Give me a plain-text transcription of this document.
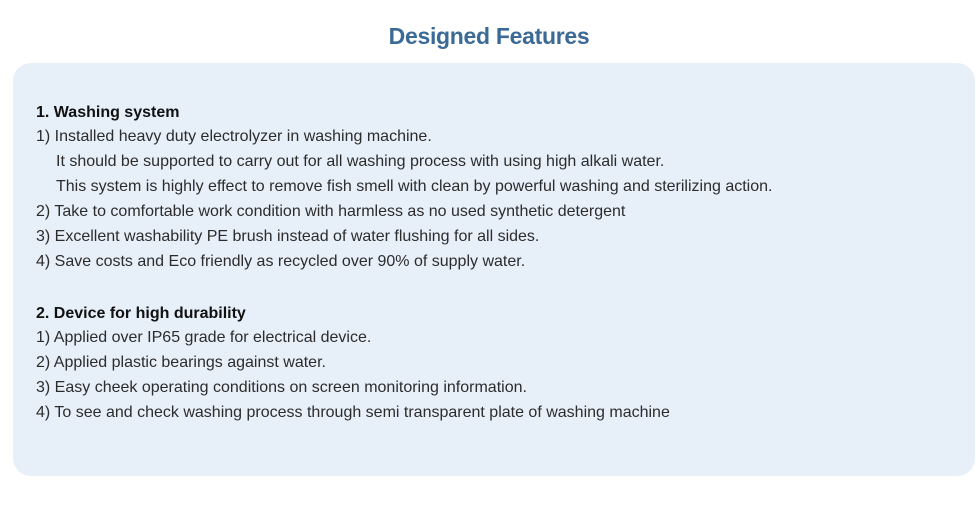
Designed Features
1. Washing system
1) Installed heavy duty electrolyzer in washing machine.
It should be supported to carry out for all washing process with using high alkali water.
This system is highly effect to remove fish smell with clean by powerful washing and sterilizing action.
2) Take to comfortable work condition with harmless as no used synthetic detergent
3) Excellent washability PE brush instead of water flushing for all sides.
4) Save costs and Eco friendly as recycled over 90% of supply water.
2. Device for high durability
1) Applied over IP65 grade for electrical device.
2) Applied plastic bearings against water.
3) Easy cheek operating conditions on screen monitoring information.
4) To see and check washing process through semi transparent plate of washing machine
